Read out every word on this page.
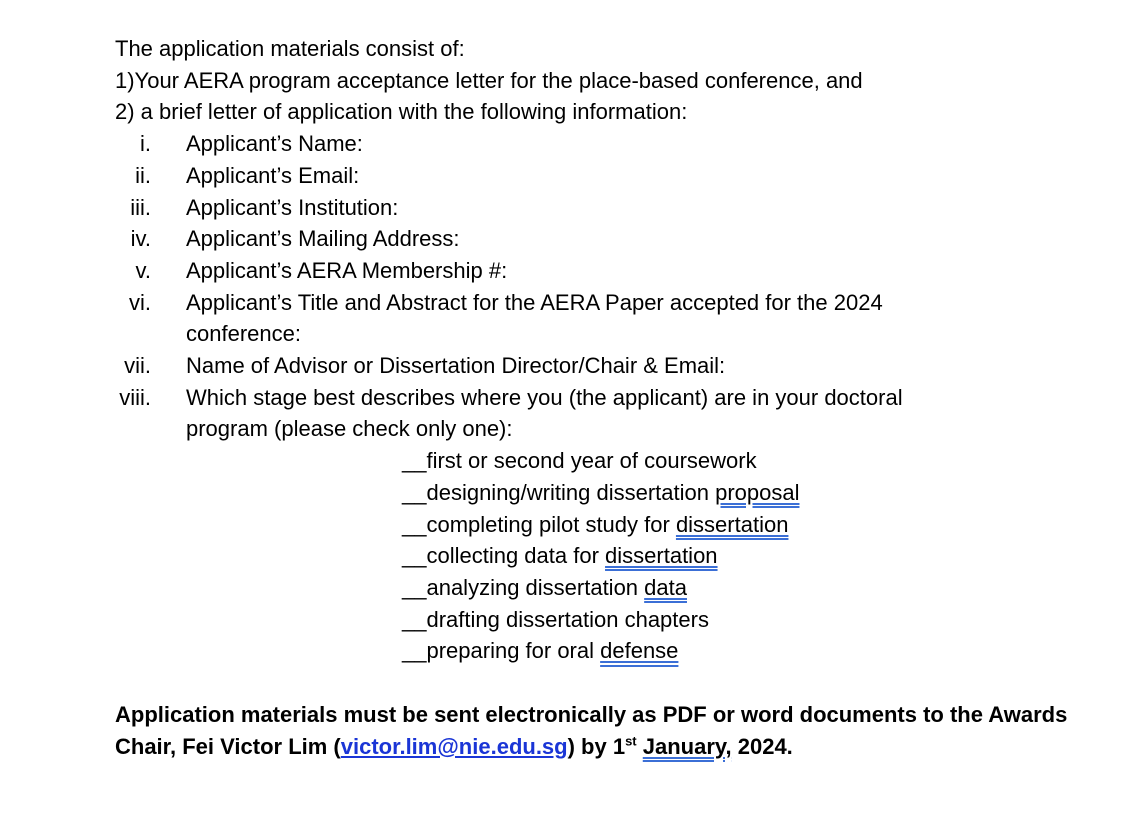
The application materials consist of:
1)Your AERA program acceptance letter for the place-based conference, and
2) a brief letter of application with the following information:
i. Applicant’s Name:
ii. Applicant’s Email:
iii. Applicant’s Institution:
iv. Applicant’s Mailing Address:
v. Applicant’s AERA Membership #:
vi. Applicant’s Title and Abstract for the AERA Paper accepted for the 2024 conference:
vii. Name of Advisor or Dissertation Director/Chair & Email:
viii. Which stage best describes where you (the applicant) are in your doctoral program (please check only one):
__first or second year of coursework
__designing/writing dissertation proposal
__completing pilot study for dissertation
__collecting data for dissertation
__analyzing dissertation data
__drafting dissertation chapters
__preparing for oral defense
Application materials must be sent electronically as PDF or word documents to the Awards Chair, Fei Victor Lim (victor.lim@nie.edu.sg) by 1st January, 2024.
